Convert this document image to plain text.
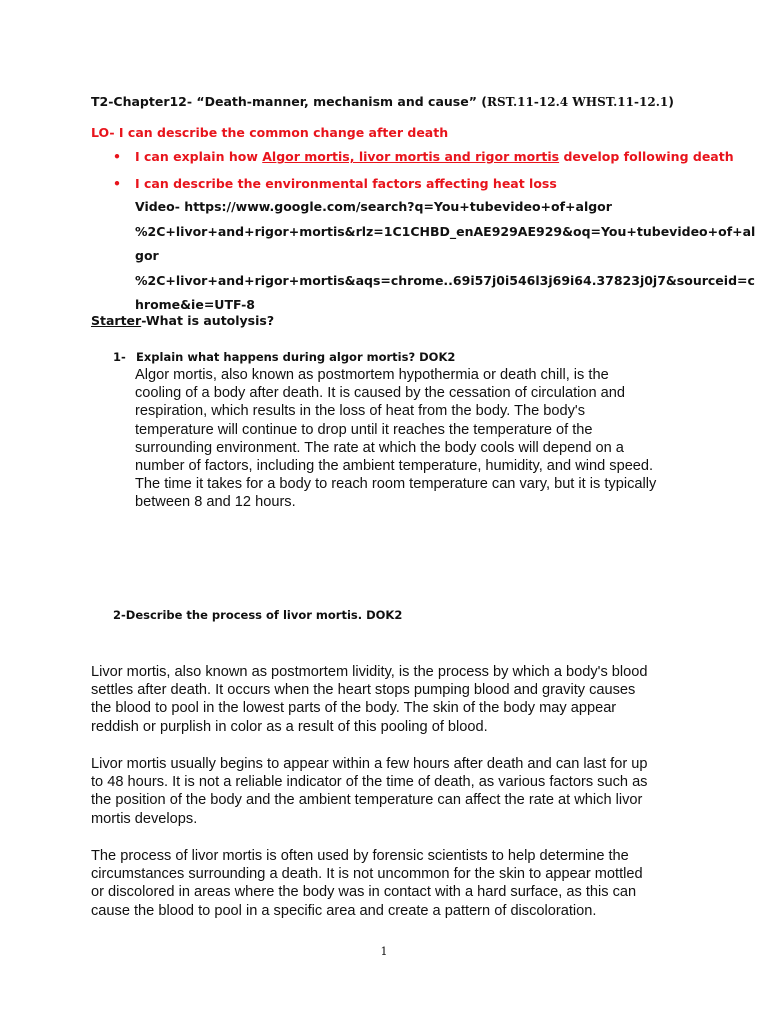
T2-Chapter12- “Death-manner, mechanism and cause” (RST.11-12.4 WHST.11-12.1)
LO- I can describe the common change after death
• I can explain how Algor mortis, livor mortis and rigor mortis develop following death
• I can describe the environmental factors affecting heat loss
Video- https://www.google.com/search?q=You+tubevideo+of+algor
%2C+livor+and+rigor+mortis&rlz=1C1CHBD_enAE929AE929&oq=You+tubevideo+of+al
gor
%2C+livor+and+rigor+mortis&aqs=chrome..69i57j0i546l3j69i64.37823j0j7&sourceid=c
hrome&ie=UTF-8
Starter-What is autolysis?
1- Explain what happens during algor mortis? DOK2
Algor mortis, also known as postmortem hypothermia or death chill, is the
cooling of a body after death. It is caused by the cessation of circulation and
respiration, which results in the loss of heat from the body. The body's
temperature will continue to drop until it reaches the temperature of the
surrounding environment. The rate at which the body cools will depend on a
number of factors, including the ambient temperature, humidity, and wind speed.
The time it takes for a body to reach room temperature can vary, but it is typically
between 8 and 12 hours.
2-Describe the process of livor mortis. DOK2
Livor mortis, also known as postmortem lividity, is the process by which a body's blood
settles after death. It occurs when the heart stops pumping blood and gravity causes
the blood to pool in the lowest parts of the body. The skin of the body may appear
reddish or purplish in color as a result of this pooling of blood.
Livor mortis usually begins to appear within a few hours after death and can last for up
to 48 hours. It is not a reliable indicator of the time of death, as various factors such as
the position of the body and the ambient temperature can affect the rate at which livor
mortis develops.
The process of livor mortis is often used by forensic scientists to help determine the
circumstances surrounding a death. It is not uncommon for the skin to appear mottled
or discolored in areas where the body was in contact with a hard surface, as this can
cause the blood to pool in a specific area and create a pattern of discoloration.
1
